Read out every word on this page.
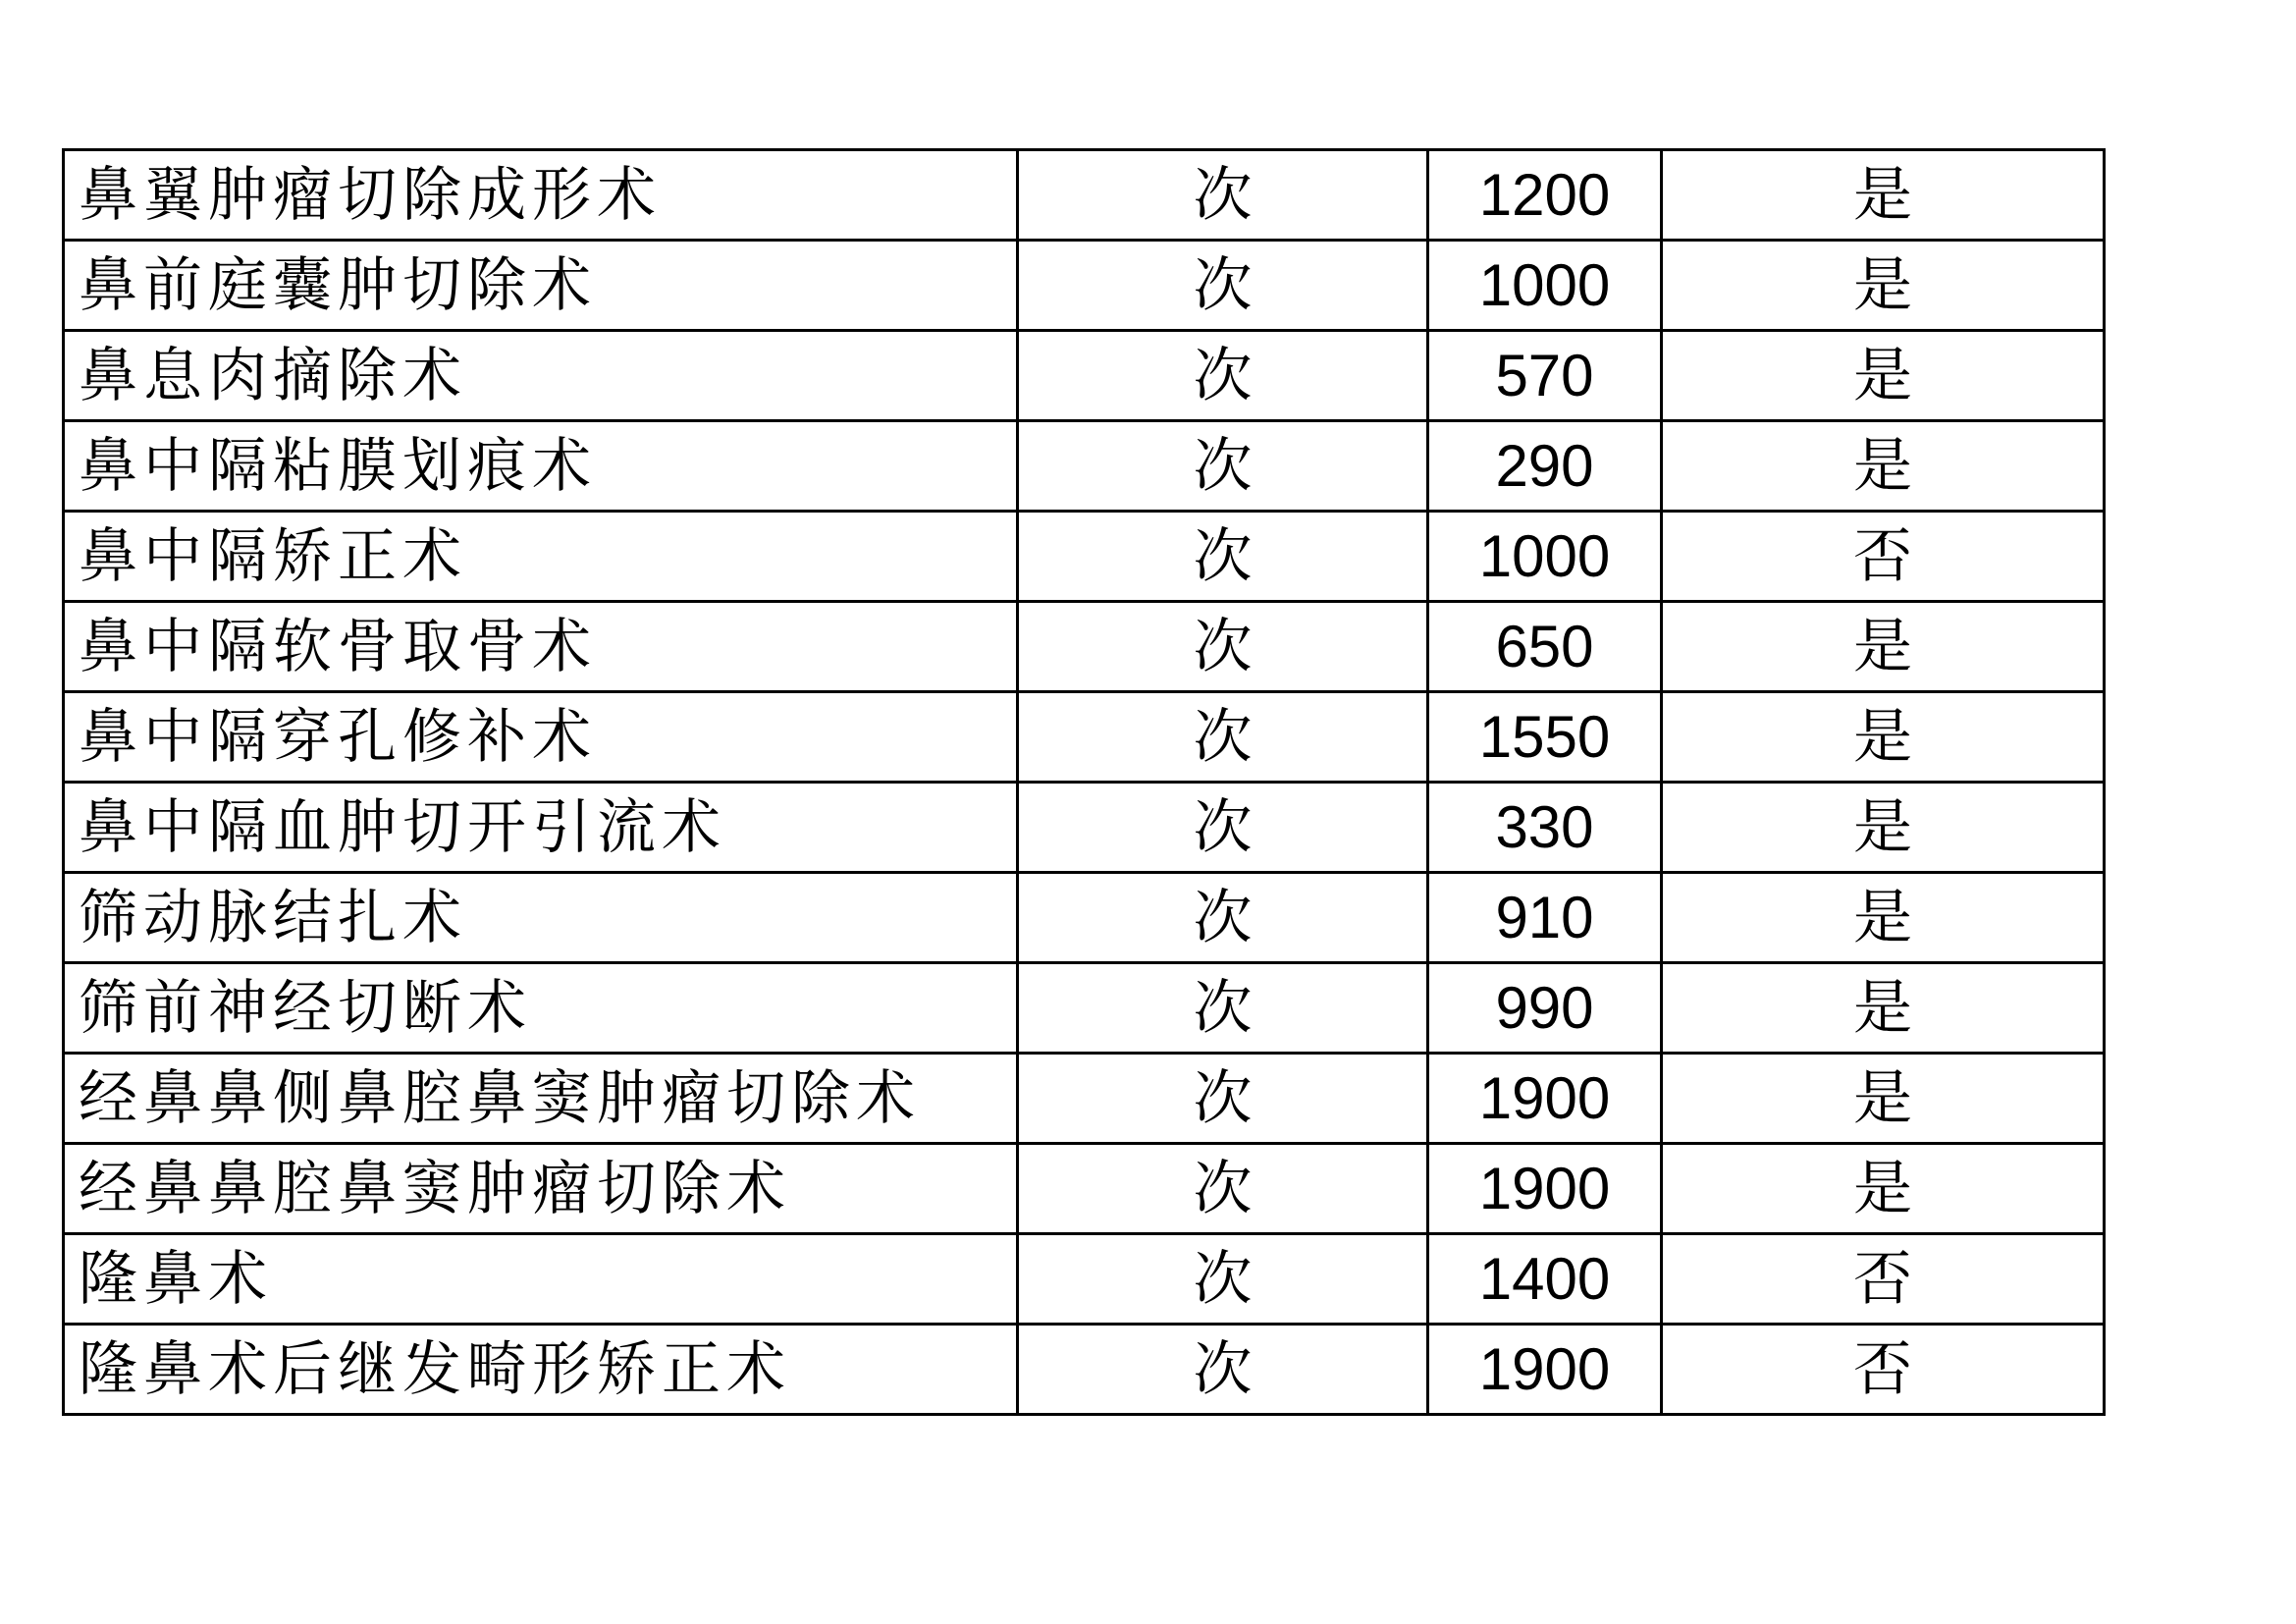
鼻翼肿瘤切除成形术	次	1200	是
鼻前庭囊肿切除术	次	1000	是
鼻息肉摘除术	次	570	是
鼻中隔粘膜划痕术	次	290	是
鼻中隔矫正术	次	1000	否
鼻中隔软骨取骨术	次	650	是
鼻中隔穿孔修补术	次	1550	是
鼻中隔血肿切开引流术	次	330	是
筛动脉结扎术	次	910	是
筛前神经切断术	次	990	是
经鼻鼻侧鼻腔鼻窦肿瘤切除术	次	1900	是
经鼻鼻腔鼻窦肿瘤切除术	次	1900	是
隆鼻术	次	1400	否
隆鼻术后继发畸形矫正术	次	1900	否
